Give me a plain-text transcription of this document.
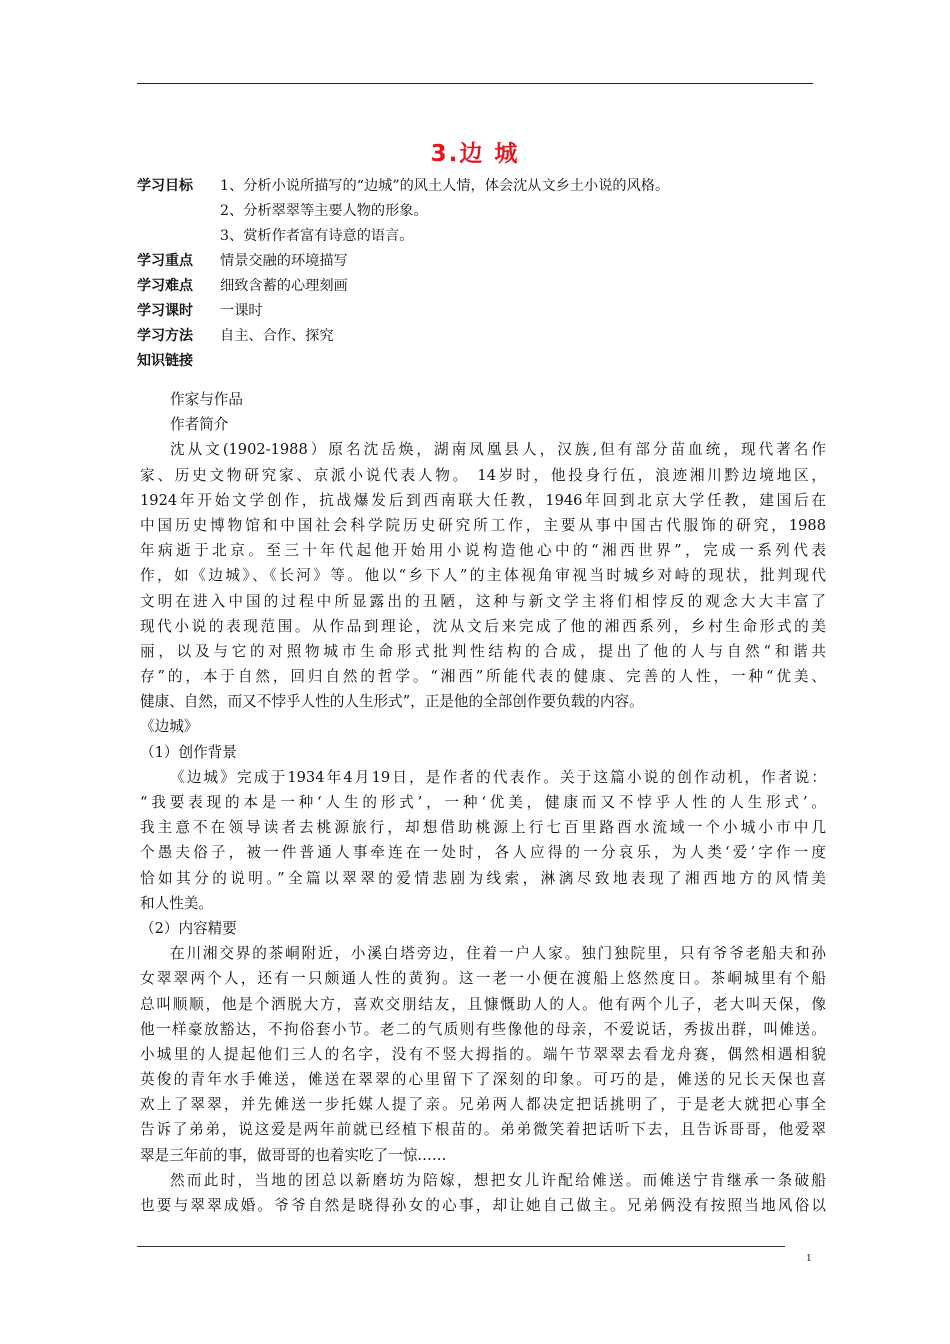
3.边 城
学习目标 1、分析小说所描写的“边城”的风土人情，体会沈从文乡土小说的风格。
2、分析翠翠等主要人物的形象。
3、赏析作者富有诗意的语言。
学习重点 情景交融的环境描写
学习难点 细致含蓄的心理刻画
学习课时 一课时
学习方法 自主、合作、探究
知识链接
作家与作品
作者简介
沈从文(1902-1988）原名沈岳焕，湖南凤凰县人，汉族,但有部分苗血统，现代著名作
家、历史文物研究家、京派小说代表人物。 14岁时，他投身行伍，浪迹湘川黔边境地区，
1924年开始文学创作，抗战爆发后到西南联大任教，1946年回到北京大学任教，建国后在
中国历史博物馆和中国社会科学院历史研究所工作，主要从事中国古代服饰的研究，1988
年病逝于北京。至三十年代起他开始用小说构造他心中的“湘西世界”，完成一系列代表
作，如《边城》、《长河》等。他以“乡下人”的主体视角审视当时城乡对峙的现状，批判现代
文明在进入中国的过程中所显露出的丑陋，这种与新文学主将们相悖反的观念大大丰富了
现代小说的表现范围。从作品到理论，沈从文后来完成了他的湘西系列，乡村生命形式的美
丽，以及与它的对照物城市生命形式批判性结构的合成，提出了他的人与自然“和谐共
存”的，本于自然，回归自然的哲学。“湘西”所能代表的健康、完善的人性，一种“优美、
健康、自然，而又不悖乎人性的人生形式”，正是他的全部创作要负载的内容。
《边城》
（1）创作背景
《边城》完成于1934年4月19日，是作者的代表作。关于这篇小说的创作动机，作者说：
“我要表现的本是一种‘人生的形式’，一种‘优美，健康而又不悖乎人性的人生形式’。
我主意不在领导读者去桃源旅行，却想借助桃源上行七百里路酉水流域一个小城小市中几
个愚夫俗子，被一件普通人事牵连在一处时，各人应得的一分哀乐，为人类‘爱’字作一度
恰如其分的说明。”全篇以翠翠的爱情悲剧为线索，淋漓尽致地表现了湘西地方的风情美
和人性美。
（2）内容精要
在川湘交界的茶峒附近，小溪白塔旁边，住着一户人家。独门独院里，只有爷爷老船夫和孙
女翠翠两个人，还有一只颇通人性的黄狗。这一老一小便在渡船上悠然度日。茶峒城里有个船
总叫顺顺，他是个洒脱大方，喜欢交朋结友，且慷慨助人的人。他有两个儿子，老大叫天保，像
他一样豪放豁达，不拘俗套小节。老二的气质则有些像他的母亲，不爱说话，秀拔出群，叫傩送。
小城里的人提起他们三人的名字，没有不竖大拇指的。端午节翠翠去看龙舟赛，偶然相遇相貌
英俊的青年水手傩送，傩送在翠翠的心里留下了深刻的印象。可巧的是，傩送的兄长天保也喜
欢上了翠翠，并先傩送一步托媒人提了亲。兄弟两人都决定把话挑明了，于是老大就把心事全
告诉了弟弟，说这爱是两年前就已经植下根苗的。弟弟微笑着把话听下去，且告诉哥哥，他爱翠
翠是三年前的事，做哥哥的也着实吃了一惊……
然而此时，当地的团总以新磨坊为陪嫁，想把女儿许配给傩送。而傩送宁肯继承一条破船
也要与翠翠成婚。爷爷自然是晓得孙女的心事，却让她自己做主。兄弟俩没有按照当地风俗以
1
